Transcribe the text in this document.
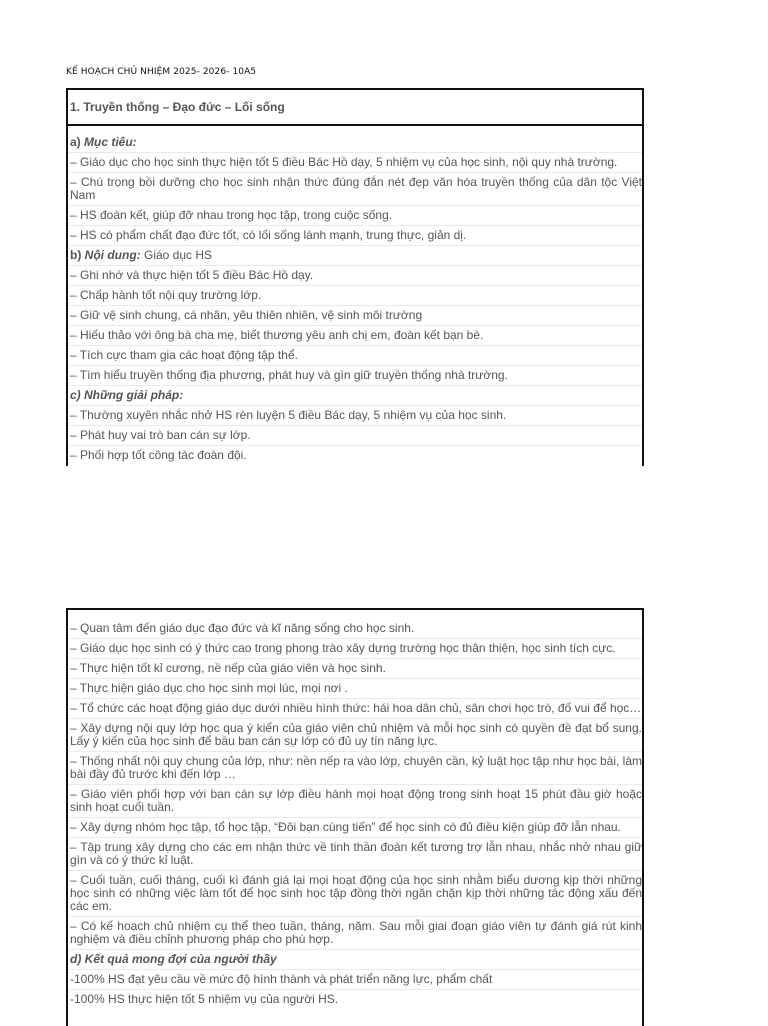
KẾ HOẠCH CHỦ NHIỆM 2025- 2026- 10A5
1. Truyền thống – Đạo đức – Lối sống
a) Mục tiêu:
– Giáo dục cho học sinh thực hiện tốt 5 điều Bác Hồ dạy, 5 nhiệm vụ của học sinh, nội quy nhà trường.
– Chú trọng bồi dưỡng cho học sinh nhận thức đúng đắn nét đẹp văn hóa truyền thống của dân tộc Việt Nam
– HS đoàn kết, giúp đỡ nhau trong học tập, trong cuộc sống.
– HS có phẩm chất đạo đức tốt, có lối sống lành mạnh, trung thực, giản dị.
b) Nội dung: Giáo dục HS
– Ghi nhớ và thực hiện tốt 5 điều Bác Hồ dạy.
– Chấp hành tốt nội quy trường lớp.
– Giữ vệ sinh chung, cá nhân, yêu thiên nhiên, vệ sinh môi trường
– Hiếu thảo với ông bà cha mẹ, biết thương yêu anh chị em, đoàn kết bạn bè.
– Tích cực tham gia các hoạt động tập thể.
– Tìm hiểu truyền thống địa phương, phát huy và gìn giữ truyền thống nhà trường.
c) Những giải pháp:
– Thường xuyên nhắc nhở HS rèn luyện 5 điều Bác dạy, 5 nhiệm vụ của học sinh.
– Phát huy vai trò ban cán sự lớp.
– Phối hợp tốt công tác đoàn đội.
– Quan tâm đến giáo dục đạo đức và kĩ năng sống cho học sinh.
– Giáo dục học sinh có ý thức cao trong phong trào xây dựng trường học thân thiện, học sinh tích cực.
– Thực hiện tốt kỉ cương, nề nếp của giáo viên và học sinh.
– Thực hiện giáo dục cho học sinh mọi lúc, mọi nơi .
– Tổ chức các hoạt động giáo dục dưới nhiều hình thức: hái hoa dân chủ, sân chơi học trò, đố vui để học…
– Xây dựng nội quy lớp học qua ý kiến của giáo viên chủ nhiệm và mỗi học sinh có quyền đề đạt bổ sung. Lấy ý kiến của học sinh để bầu ban cán sự lớp có đủ uy tín năng lực.
– Thống nhất nội quy chung của lớp, như: nền nếp ra vào lớp, chuyên cần, kỷ luật học tập như học bài, làm bài đầy đủ trước khi đến lớp …
– Giáo viên phối hợp với ban cán sự lớp điều hành mọi hoạt động trong sinh hoạt 15 phút đầu giờ hoặc sinh hoạt cuối tuần.
– Xây dựng nhóm học tập, tổ học tập, “Đôi bạn cùng tiến” để học sinh có đủ điều kiện giúp đỡ lẫn nhau.
– Tập trung xây dựng cho các em nhận thức về tinh thần đoàn kết tương trợ lẫn nhau, nhắc nhở nhau giữ gìn và có ý thức kỉ luật.
– Cuối tuần, cuối tháng, cuối kì đánh giá lại mọi hoạt động của học sinh nhằm biểu dương kịp thời những học sinh có những việc làm tốt để học sinh học tập đồng thời ngăn chặn kịp thời những tác động xấu đến các em.
– Có kế hoạch chủ nhiệm cụ thể theo tuần, tháng, năm. Sau mỗi giai đoạn giáo viên tự đánh giá rút kinh nghiệm và điều chỉnh phương pháp cho phù hợp.
d) Kết quả mong đợi của người thầy
-100% HS đạt yêu cầu về mức độ hình thành và phát triển năng lực, phẩm chất
-100% HS thực hiện tốt 5 nhiệm vụ của người HS.
